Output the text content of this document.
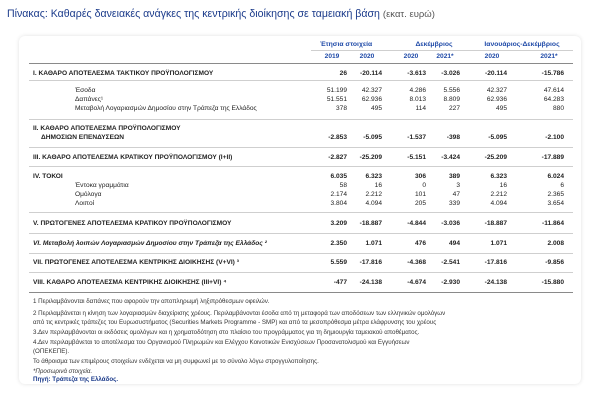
Πίνακας: Καθαρές δανειακές ανάγκες της κεντρικής διοίκησης σε ταμειακή βάση (εκατ. ευρώ)
Έτησια στοιχεία	Δεκέμβριος	Ιανουάριος-Δεκέμβριος
2019	2020	2020	2021*	2020	2021*
I. ΚΑΘΑΡΟ ΑΠΟΤΕΛΕΣΜΑ ΤΑΚΤΙΚΟΥ ΠΡΟΫΠΟΛΟΓΙΣΜΟΥ	26	-20.114	-3.613	-3.026	-20.114	-15.786
Έσοδα	51.199	42.327	4.286	5.556	42.327	47.614
Δαπάνες¹	51.551	62.936	8.013	8.809	62.936	64.283
Μεταβολή Λογαριασμών Δημοσίου στην Τράπεζα της Ελλάδος	378	495	114	227	495	880
II. ΚΑΘΑΡΟ ΑΠΟΤΕΛΕΣΜΑ ΠΡΟΫΠΟΛΟΓΙΣΜΟΥ
ΔΗΜΟΣΙΩΝ ΕΠΕΝΔΥΣΕΩΝ	-2.853	-5.095	-1.537	-398	-5.095	-2.100
III. ΚΑΘΑΡΟ ΑΠΟΤΕΛΕΣΜΑ ΚΡΑΤΙΚΟΥ ΠΡΟΫΠΟΛΟΓΙΣΜΟΥ (I+II)	-2.827	-25.209	-5.151	-3.424	-25.209	-17.889
IV. ΤΟΚΟΙ	6.035	6.323	306	389	6.323	6.024
Έντοκα γραμμάτια	58	16	0	3	16	6
Ομόλογα	2.174	2.212	101	47	2.212	2.365
Λοιποί	3.804	4.094	205	339	4.094	3.654
V. ΠΡΩΤΟΓΕΝΕΣ ΑΠΟΤΕΛΕΣΜΑ ΚΡΑΤΙΚΟΥ ΠΡΟΫΠΟΛΟΓΙΣΜΟΥ	3.209	-18.887	-4.844	-3.036	-18.887	-11.864
VI. Μεταβολή λοιπών Λογαριασμών Δημοσίου στην Τράπεζα της Ελλάδος ²	2.350	1.071	476	494	1.071	2.008
VII. ΠΡΩΤΟΓΕΝΕΣ ΑΠΟΤΕΛΕΣΜΑ ΚΕΝΤΡΙΚΗΣ ΔΙΟΙΚΗΣΗΣ (V+VI) ³	5.559	-17.816	-4.368	-2.541	-17.816	-9.856
VIII. ΚΑΘΑΡΟ ΑΠΟΤΕΛΕΣΜΑ ΚΕΝΤΡΙΚΗΣ ΔΙΟΙΚΗΣΗΣ (III+VI) ⁴	-477	-24.138	-4.674	-2.930	-24.138	-15.880
1 Περιλαμβάνονται δαπάνες που αφορούν την αποπληρωμή ληξιπρόθεσμων οφειλών.
2 Περιλαμβάνεται η κίνηση των λογαριασμών διαχείρισης χρέους. Περιλαμβάνονται έσοδα από τη μεταφορά των αποδόσεων των ελληνικών ομολόγων
από τις κεντρικές τράπεζες του Ευρωσυστήματος (Securities Markets Programme - SMP) και από τα μεσοπρόθεσμα μέτρα ελάφρυνσης του χρέους
3.Δεν περιλαμβάνονται οι εκδόσεις ομολόγων και η χρηματοδότηση στο πλαίσιο του προγράμματος για τη δημιουργία ταμειακού αποθέματος.
4.Δεν περιλαμβάνεται το αποτέλεσμα του Οργανισμού Πληρωμών και Ελέγχου Κοινοτικών Ενισχύσεων Προσανατολισμού και Εγγυήσεων
(ΟΠΕΚΕΠΕ).
Το άθροισμα των επιμέρους στοιχείων ενδέχεται να μη συμφωνεί με το σύνολο λόγω στρογγυλοποίησης.
*Προσωρινά στοιχεία.
Πηγή: Τράπεζα της Ελλάδος.
